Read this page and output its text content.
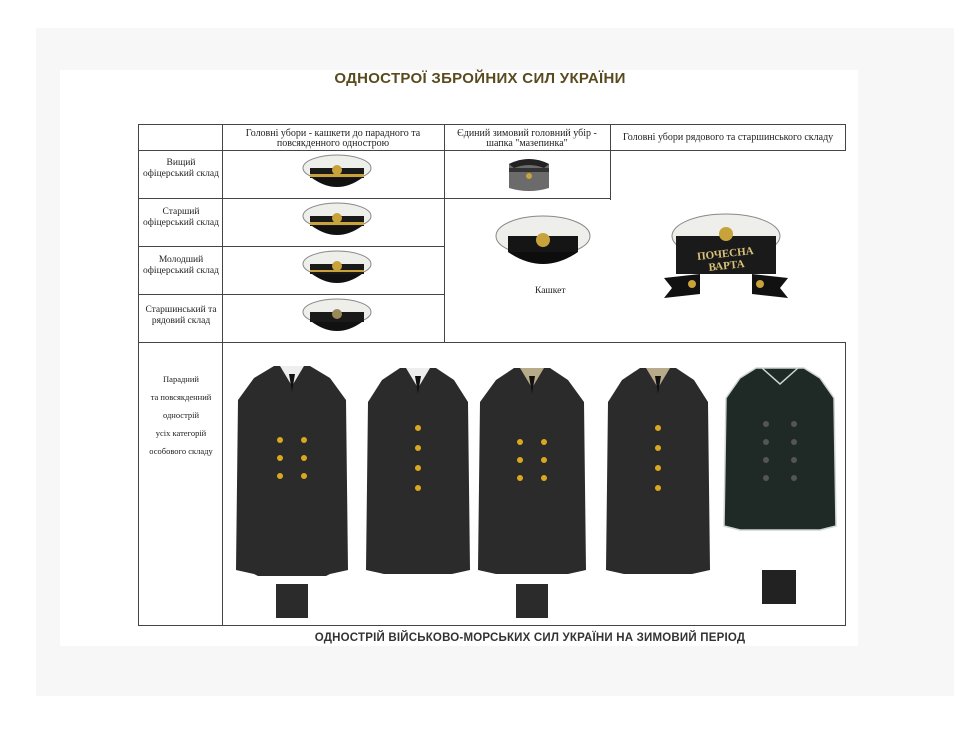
ОДНОСТРОЇ ЗБРОЙНИХ СИЛ УКРАЇНИ
Головні убори - кашкети до парадного та повсякденного однострою
Єдиний зимовий головний убір - шапка "мазепинка"
Головні убори рядового та старшинського складу
Вищий офіцерський склад
Старший офіцерський склад
Молодший офіцерський склад
Старшинський та рядовий склад
Парадний
та повсякденний
однострій
усіх категорій
особового складу
Кашкет
ПОЧЕСНА ВАРТА
ОДНОСТРІЙ ВІЙСЬКОВО-МОРСЬКИХ СИЛ УКРАЇНИ НА ЗИМОВИЙ ПЕРІОД
